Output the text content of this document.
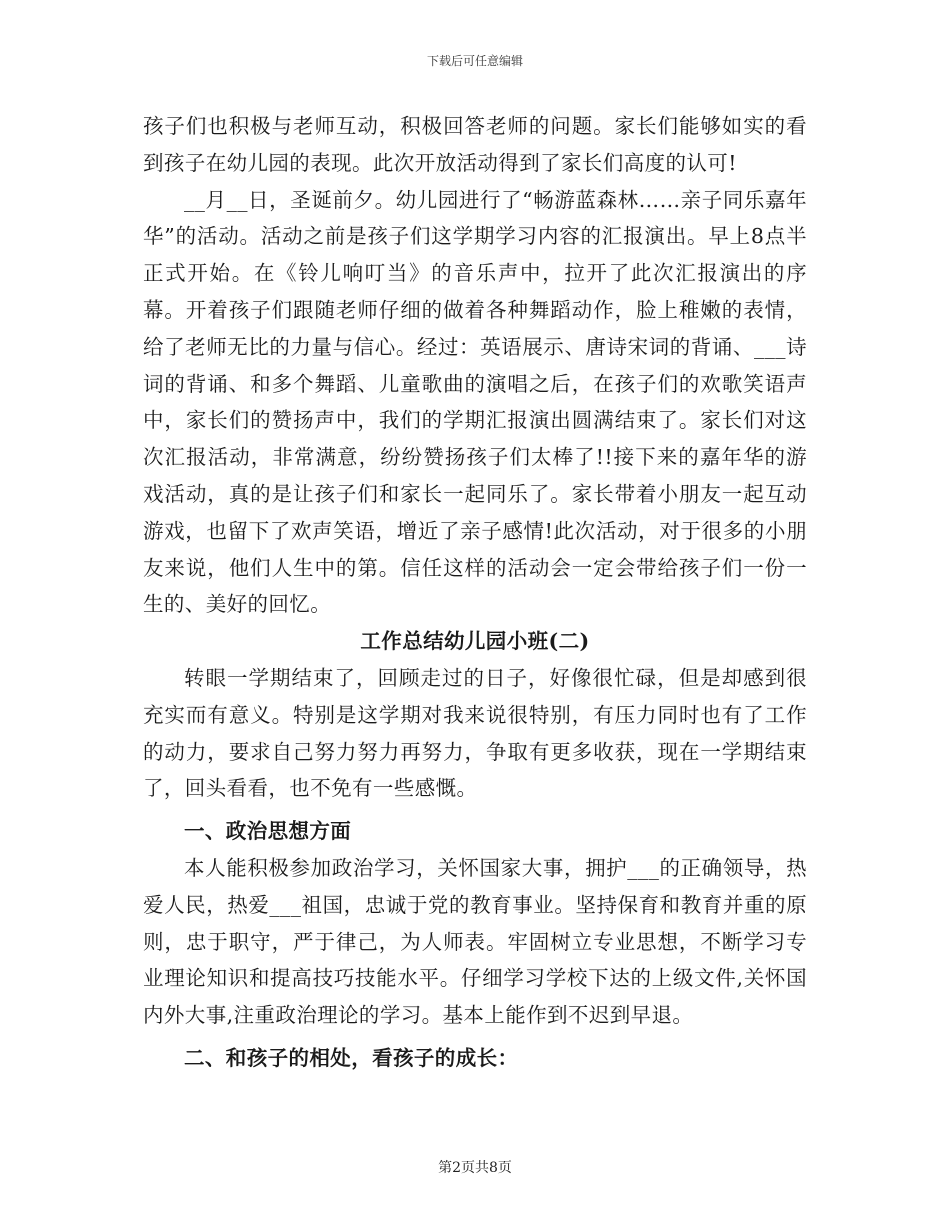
下载后可任意编辑

孩子们也积极与老师互动，积极回答老师的问题。家长们能够如实的看到孩子在幼儿园的表现。此次开放活动得到了家长们高度的认可!

__月__日，圣诞前夕。幼儿园进行了“畅游蓝森林……亲子同乐嘉年华”的活动。活动之前是孩子们这学期学习内容的汇报演出。早上8点半正式开始。在《铃儿响叮当》的音乐声中，拉开了此次汇报演出的序幕。开着孩子们跟随老师仔细的做着各种舞蹈动作，脸上稚嫩的表情，给了老师无比的力量与信心。经过：英语展示、唐诗宋词的背诵、___诗词的背诵、和多个舞蹈、儿童歌曲的演唱之后，在孩子们的欢歌笑语声中，家长们的赞扬声中，我们的学期汇报演出圆满结束了。家长们对这次汇报活动，非常满意，纷纷赞扬孩子们太棒了!!接下来的嘉年华的游戏活动，真的是让孩子们和家长一起同乐了。家长带着小朋友一起互动游戏，也留下了欢声笑语，增近了亲子感情!此次活动，对于很多的小朋友来说，他们人生中的第。信任这样的活动会一定会带给孩子们一份一生的、美好的回忆。

工作总结幼儿园小班(二)

转眼一学期结束了，回顾走过的日子，好像很忙碌，但是却感到很充实而有意义。特别是这学期对我来说很特别，有压力同时也有了工作的动力，要求自己努力努力再努力，争取有更多收获，现在一学期结束了，回头看看，也不免有一些感慨。

一、政治思想方面

本人能积极参加政治学习，关怀国家大事，拥护___的正确领导，热爱人民，热爱___祖国，忠诚于党的教育事业。坚持保育和教育并重的原则，忠于职守，严于律己，为人师表。牢固树立专业思想，不断学习专业理论知识和提高技巧技能水平。仔细学习学校下达的上级文件,关怀国内外大事,注重政治理论的学习。基本上能作到不迟到早退。

二、和孩子的相处，看孩子的成长：

第2页共8页
